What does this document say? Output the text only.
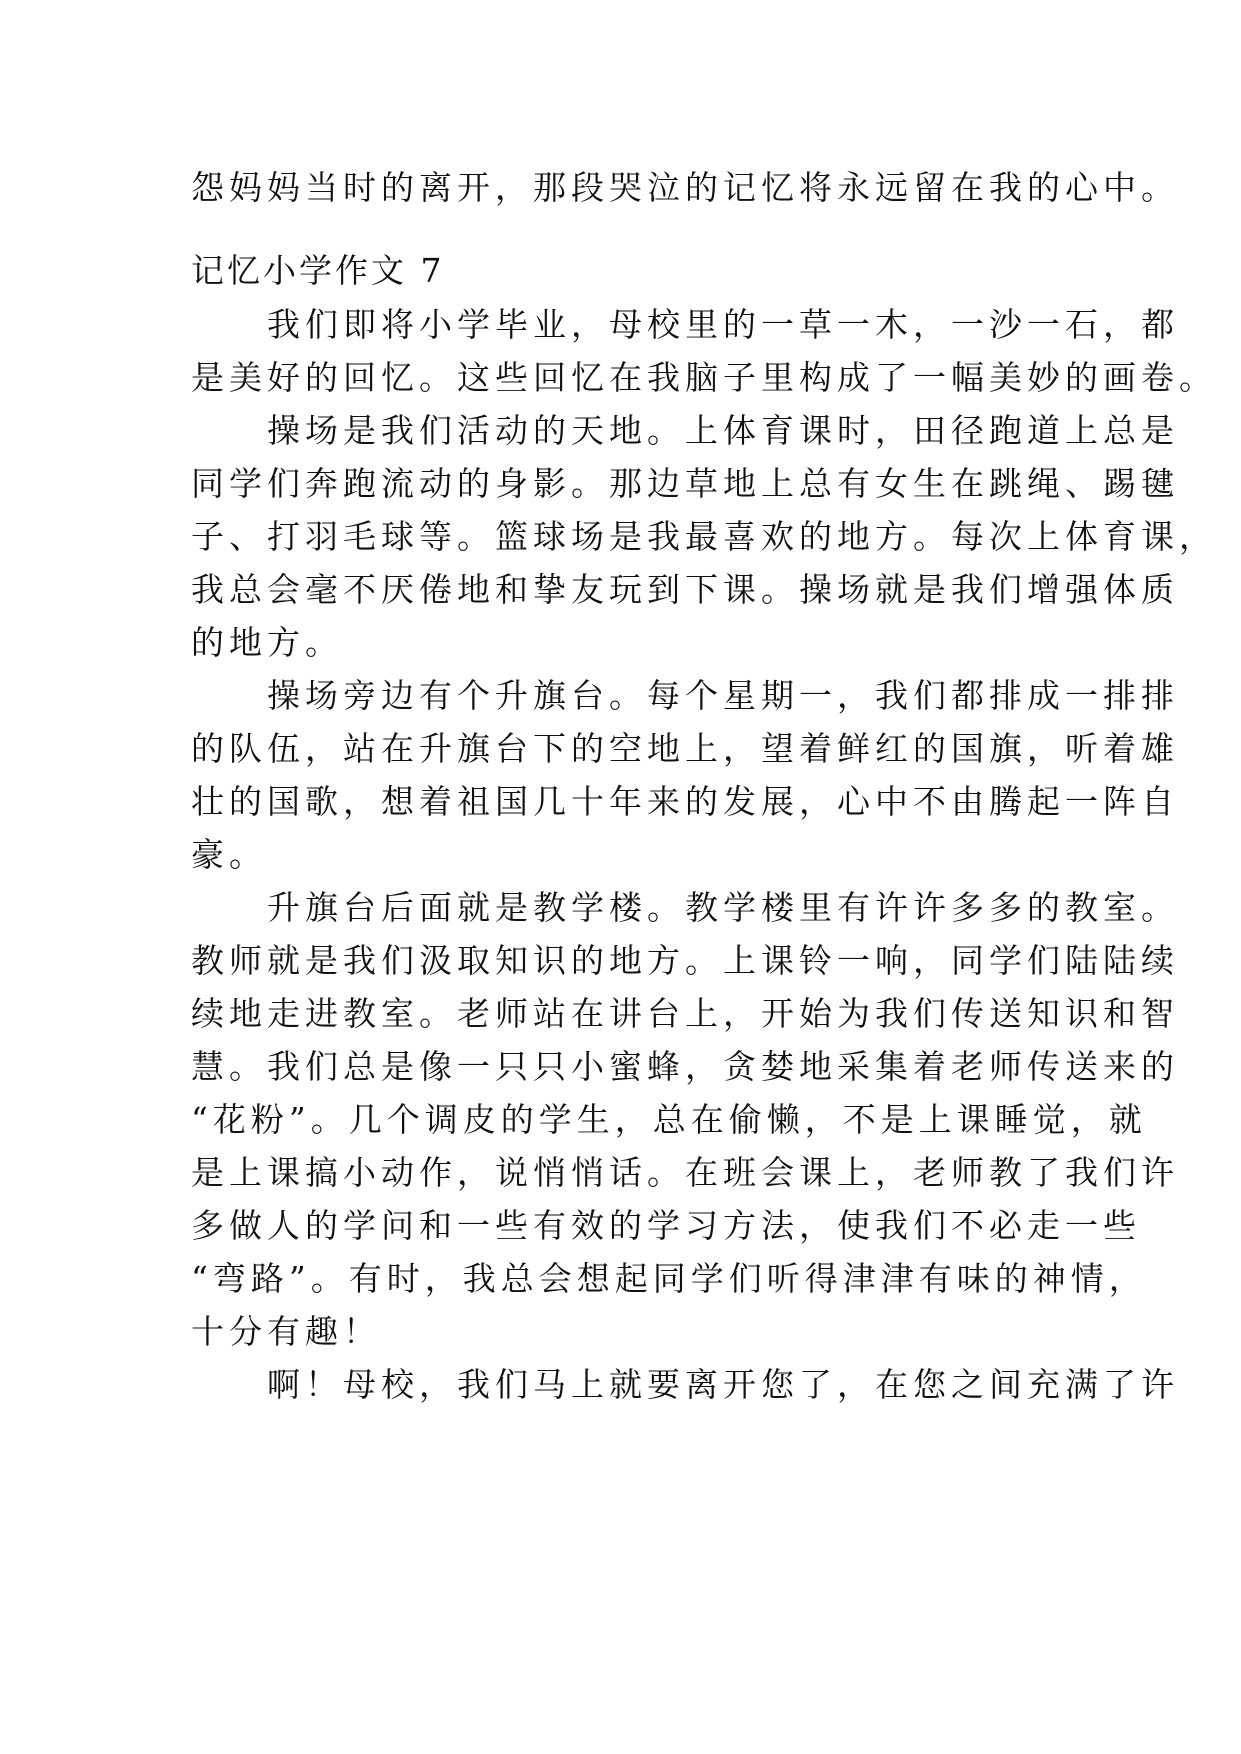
怨妈妈当时的离开，那段哭泣的记忆将永远留在我的心中。
记忆小学作文 7
　　我们即将小学毕业，母校里的一草一木，一沙一石，都
是美好的回忆。这些回忆在我脑子里构成了一幅美妙的画卷。
　　操场是我们活动的天地。上体育课时，田径跑道上总是
同学们奔跑流动的身影。那边草地上总有女生在跳绳、踢毽
子、打羽毛球等。篮球场是我最喜欢的地方。每次上体育课，
我总会毫不厌倦地和挚友玩到下课。操场就是我们增强体质
的地方。
　　操场旁边有个升旗台。每个星期一，我们都排成一排排
的队伍，站在升旗台下的空地上，望着鲜红的国旗，听着雄
壮的国歌，想着祖国几十年来的发展，心中不由腾起一阵自
豪。
　　升旗台后面就是教学楼。教学楼里有许许多多的教室。
教师就是我们汲取知识的地方。上课铃一响，同学们陆陆续
续地走进教室。老师站在讲台上，开始为我们传送知识和智
慧。我们总是像一只只小蜜蜂，贪婪地采集着老师传送来的
“花粉”。几个调皮的学生，总在偷懒，不是上课睡觉，就
是上课搞小动作，说悄悄话。在班会课上，老师教了我们许
多做人的学问和一些有效的学习方法，使我们不必走一些
“弯路”。有时，我总会想起同学们听得津津有味的神情，
十分有趣！
　　啊！母校，我们马上就要离开您了，在您之间充满了许
